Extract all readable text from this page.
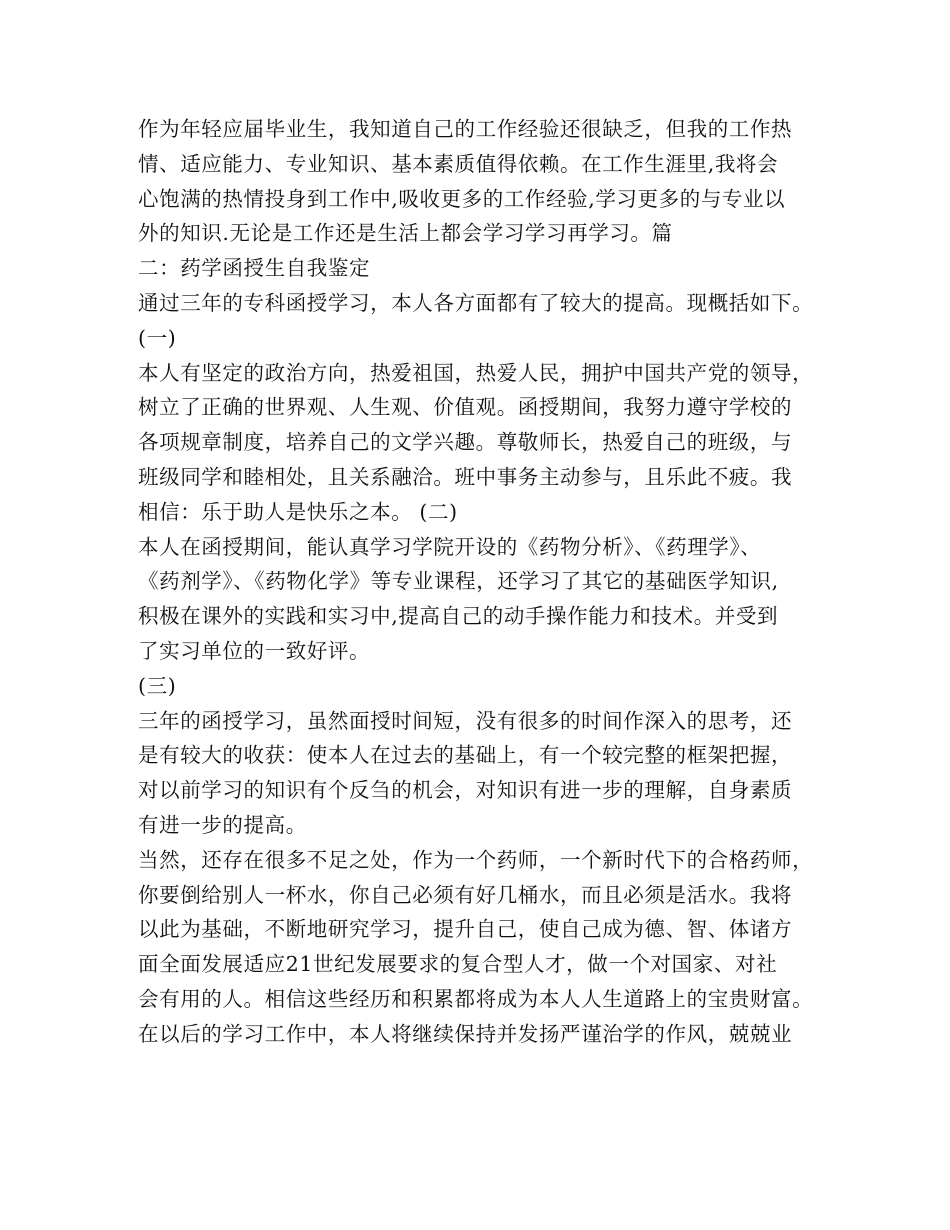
作为年轻应届毕业生，我知道自己的工作经验还很缺乏，但我的工作热
情、适应能力、专业知识、基本素质值得依赖。在工作生涯里,我将会
心饱满的热情投身到工作中,吸收更多的工作经验,学习更多的与专业以
外的知识.无论是工作还是生活上都会学习学习再学习。篇
二：药学函授生自我鉴定
通过三年的专科函授学习，本人各方面都有了较大的提高。现概括如下。
(一)
本人有坚定的政治方向，热爱祖国，热爱人民，拥护中国共产党的领导，
树立了正确的世界观、人生观、价值观。函授期间，我努力遵守学校的
各项规章制度，培养自己的文学兴趣。尊敬师长，热爱自己的班级，与
班级同学和睦相处，且关系融洽。班中事务主动参与，且乐此不疲。我
相信：乐于助人是快乐之本。 (二)
本人在函授期间，能认真学习学院开设的《药物分析》、《药理学》、
《药剂学》、《药物化学》等专业课程，还学习了其它的基础医学知识,
积极在课外的实践和实习中,提高自己的动手操作能力和技术。并受到
了实习单位的一致好评。
(三)
三年的函授学习，虽然面授时间短，没有很多的时间作深入的思考，还
是有较大的收获：使本人在过去的基础上，有一个较完整的框架把握，
对以前学习的知识有个反刍的机会，对知识有进一步的理解，自身素质
有进一步的提高。
当然，还存在很多不足之处，作为一个药师，一个新时代下的合格药师，
你要倒给别人一杯水，你自己必须有好几桶水，而且必须是活水。我将
以此为基础，不断地研究学习，提升自己，使自己成为德、智、体诸方
面全面发展适应21世纪发展要求的复合型人才，做一个对国家、对社
会有用的人。相信这些经历和积累都将成为本人人生道路上的宝贵财富。
在以后的学习工作中，本人将继续保持并发扬严谨治学的作风，兢兢业
